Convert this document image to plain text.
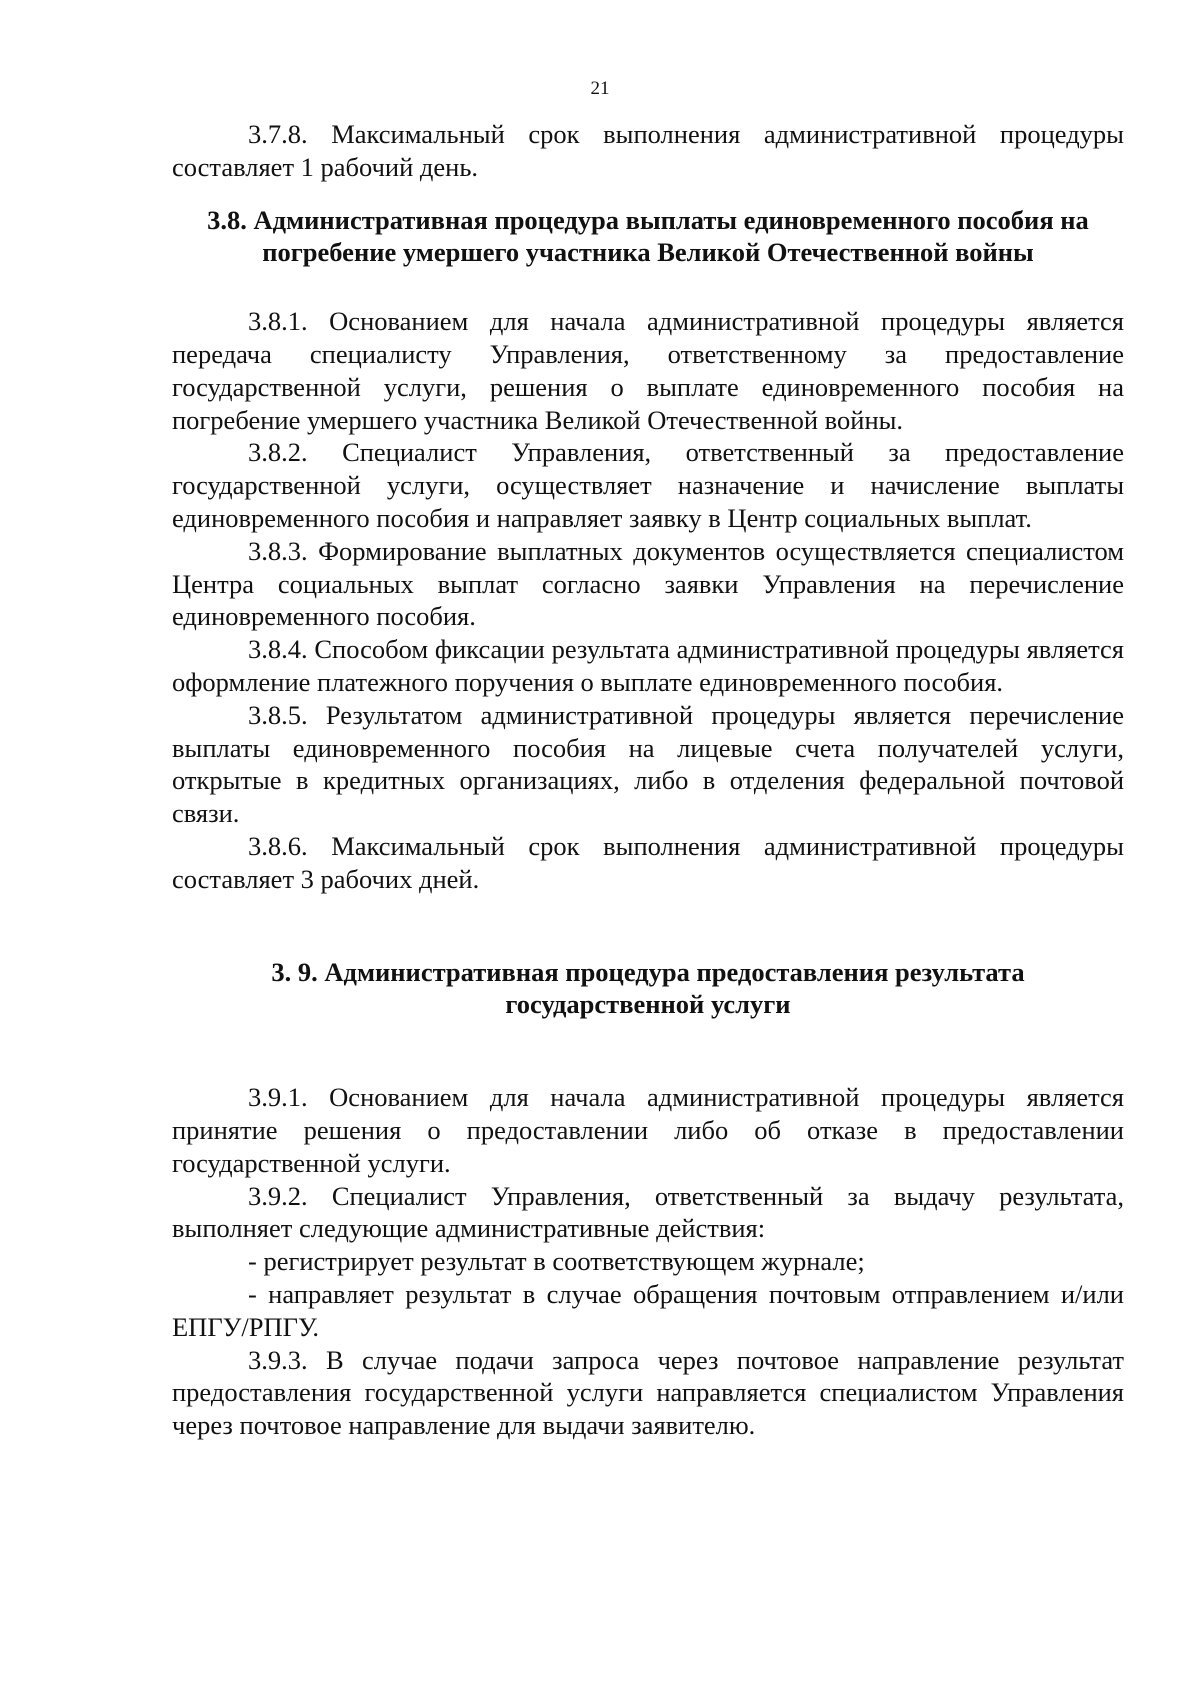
21

3.7.8. Максимальный срок выполнения административной процедуры составляет 1 рабочий день.

3.8. Административная процедура выплаты единовременного пособия на погребение умершего участника Великой Отечественной войны

3.8.1. Основанием для начала административной процедуры является передача специалисту Управления, ответственному за предоставление государственной услуги, решения о выплате единовременного пособия на погребение умершего участника Великой Отечественной войны.

3.8.2. Специалист Управления, ответственный за предоставление государственной услуги, осуществляет назначение и начисление выплаты единовременного пособия и направляет заявку в Центр социальных выплат.

3.8.3. Формирование выплатных документов осуществляется специалистом Центра социальных выплат согласно заявки Управления на перечисление единовременного пособия.

3.8.4. Способом фиксации результата административной процедуры является оформление платежного поручения о выплате единовременного пособия.

3.8.5. Результатом административной процедуры является перечисление выплаты единовременного пособия на лицевые счета получателей услуги, открытые в кредитных организациях, либо в отделения федеральной почтовой связи.

3.8.6. Максимальный срок выполнения административной процедуры составляет 3 рабочих дней.

3. 9. Административная процедура предоставления результата государственной услуги

3.9.1. Основанием для начала административной процедуры является принятие решения о предоставлении либо об отказе в предоставлении государственной услуги.

3.9.2. Специалист Управления, ответственный за выдачу результата, выполняет следующие административные действия:

- регистрирует результат в соответствующем журнале;

- направляет результат в случае обращения почтовым отправлением и/или ЕПГУ/РПГУ.

3.9.3. В случае подачи запроса через почтовое направление результат предоставления государственной услуги направляется специалистом Управления через почтовое направление для выдачи заявителю.
